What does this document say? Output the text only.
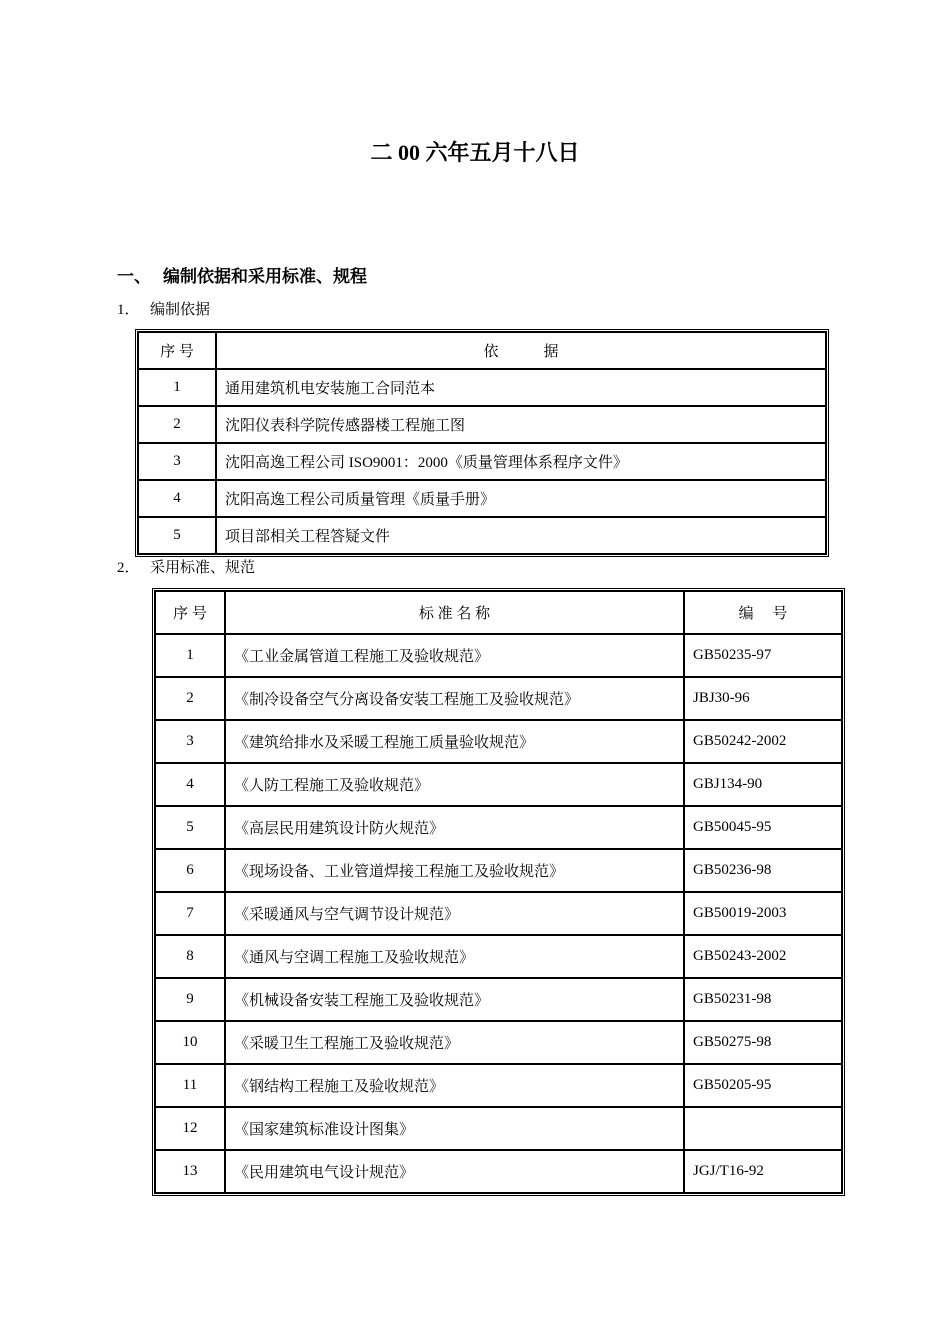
二 00 六年五月十八日
一、 编制依据和采用标准、规程
1． 编制依据
序 号	依　　　据
1	通用建筑机电安装施工合同范本
2	沈阳仪表科学院传感器楼工程施工图
3	沈阳高逸工程公司 ISO9001：2000《质量管理体系程序文件》
4	沈阳高逸工程公司质量管理《质量手册》
5	项目部相关工程答疑文件
2． 采用标准、规范
序 号	标 准 名 称	编　 号
1	《工业金属管道工程施工及验收规范》	GB50235-97
2	《制冷设备空气分离设备安装工程施工及验收规范》	JBJ30-96
3	《建筑给排水及采暖工程施工质量验收规范》	GB50242-2002
4	《人防工程施工及验收规范》	GBJ134-90
5	《高层民用建筑设计防火规范》	GB50045-95
6	《现场设备、工业管道焊接工程施工及验收规范》	GB50236-98
7	《采暖通风与空气调节设计规范》	GB50019-2003
8	《通风与空调工程施工及验收规范》	GB50243-2002
9	《机械设备安装工程施工及验收规范》	GB50231-98
10	《采暖卫生工程施工及验收规范》	GB50275-98
11	《钢结构工程施工及验收规范》	GB50205-95
12	《国家建筑标准设计图集》	
13	《民用建筑电气设计规范》	JGJ/T16-92
